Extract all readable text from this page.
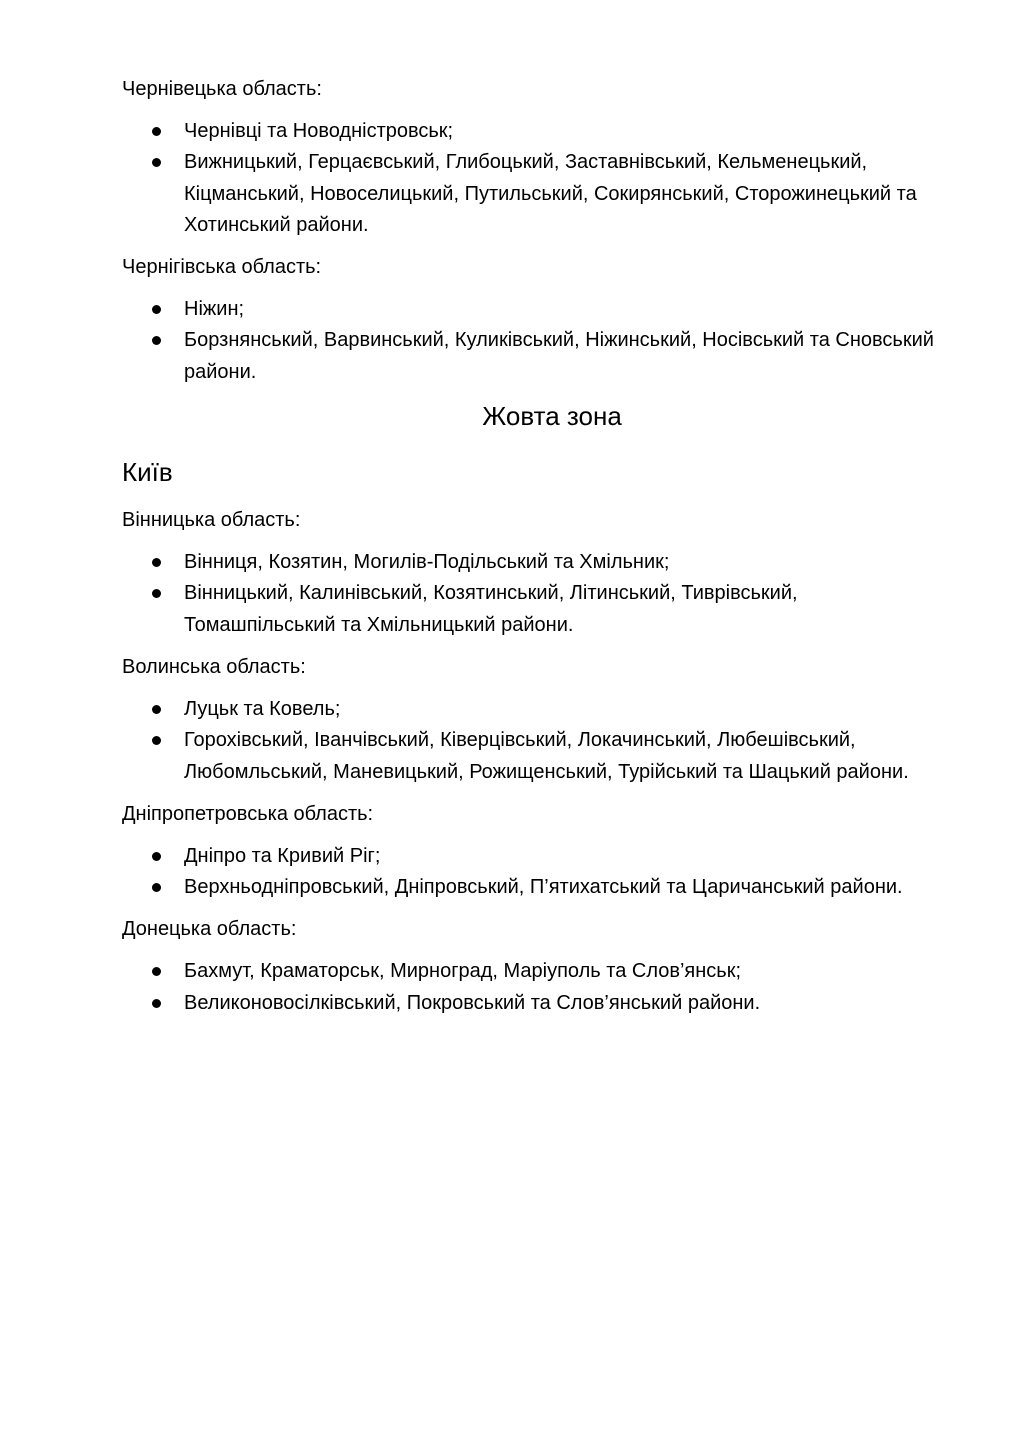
Чернівецька область:

Чернівці та Новодністровськ;
Вижницький, Герцаєвський, Глибоцький, Заставнівський, Кельменецький, Кіцманський, Новоселицький, Путильський, Сокирянський, Сторожинецький та Хотинський райони.

Чернігівська область:

Ніжин;
Борзнянський, Варвинський, Куликівський, Ніжинський, Носівський та Сновський райони.
Жовта зона
Київ

Вінницька область:

Вінниця, Козятин, Могилів-Подільський та Хмільник;
Вінницький, Калинівський, Козятинський, Літинський, Тиврівський, Томашпільський та Хмільницький райони.

Волинська область:

Луцьк та Ковель;
Горохівський, Іванчівський, Ківерцівський, Локачинський, Любешівський, Любомльський, Маневицький, Рожищенський, Турійський та Шацький райони.

Дніпропетровська область:

Дніпро та Кривий Ріг;
Верхньодніпровський, Дніпровський, П’ятихатський та Царичанський райони.

Донецька область:

Бахмут, Краматорськ, Мирноград, Маріуполь та Слов’янськ;
Великоновосілківський, Покровський та Слов’янський райони.
